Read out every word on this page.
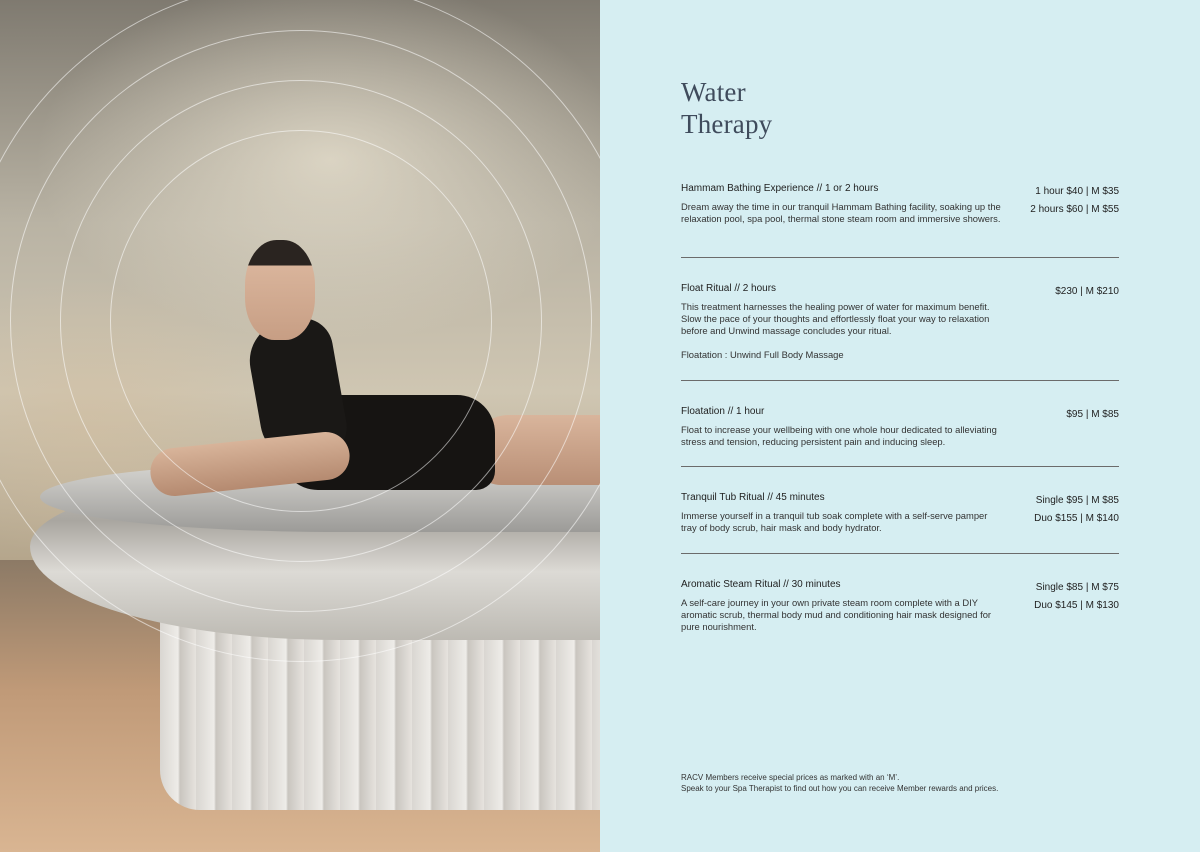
Water
Therapy
Hammam Bathing Experience // 1 or 2 hours
Dream away the time in our tranquil Hammam Bathing facility, soaking up the relaxation pool, spa pool, thermal stone steam room and immersive showers.
1 hour $40 | M $35
2 hours $60 | M $55
Float Ritual // 2 hours
This treatment harnesses the healing power of water for maximum benefit. Slow the pace of your thoughts and effortlessly float your way to relaxation before and Unwind massage concludes your ritual.
Floatation : Unwind Full Body Massage
$230 | M $210
Floatation // 1 hour
Float to increase your wellbeing with one whole hour dedicated to alleviating stress and tension, reducing persistent pain and inducing sleep.
$95 | M $85
Tranquil Tub Ritual // 45 minutes
Immerse yourself in a tranquil tub soak complete with a self-serve pamper tray of body scrub, hair mask and body hydrator.
Single $95 | M $85
Duo $155 | M $140
Aromatic Steam Ritual // 30 minutes
A self-care journey in your own private steam room complete with a DIY aromatic scrub, thermal body mud and conditioning hair mask designed for pure nourishment.
Single $85 | M $75
Duo $145 | M $130
RACV Members receive special prices as marked with an ‘M’.
Speak to your Spa Therapist to find out how you can receive Member rewards and prices.
